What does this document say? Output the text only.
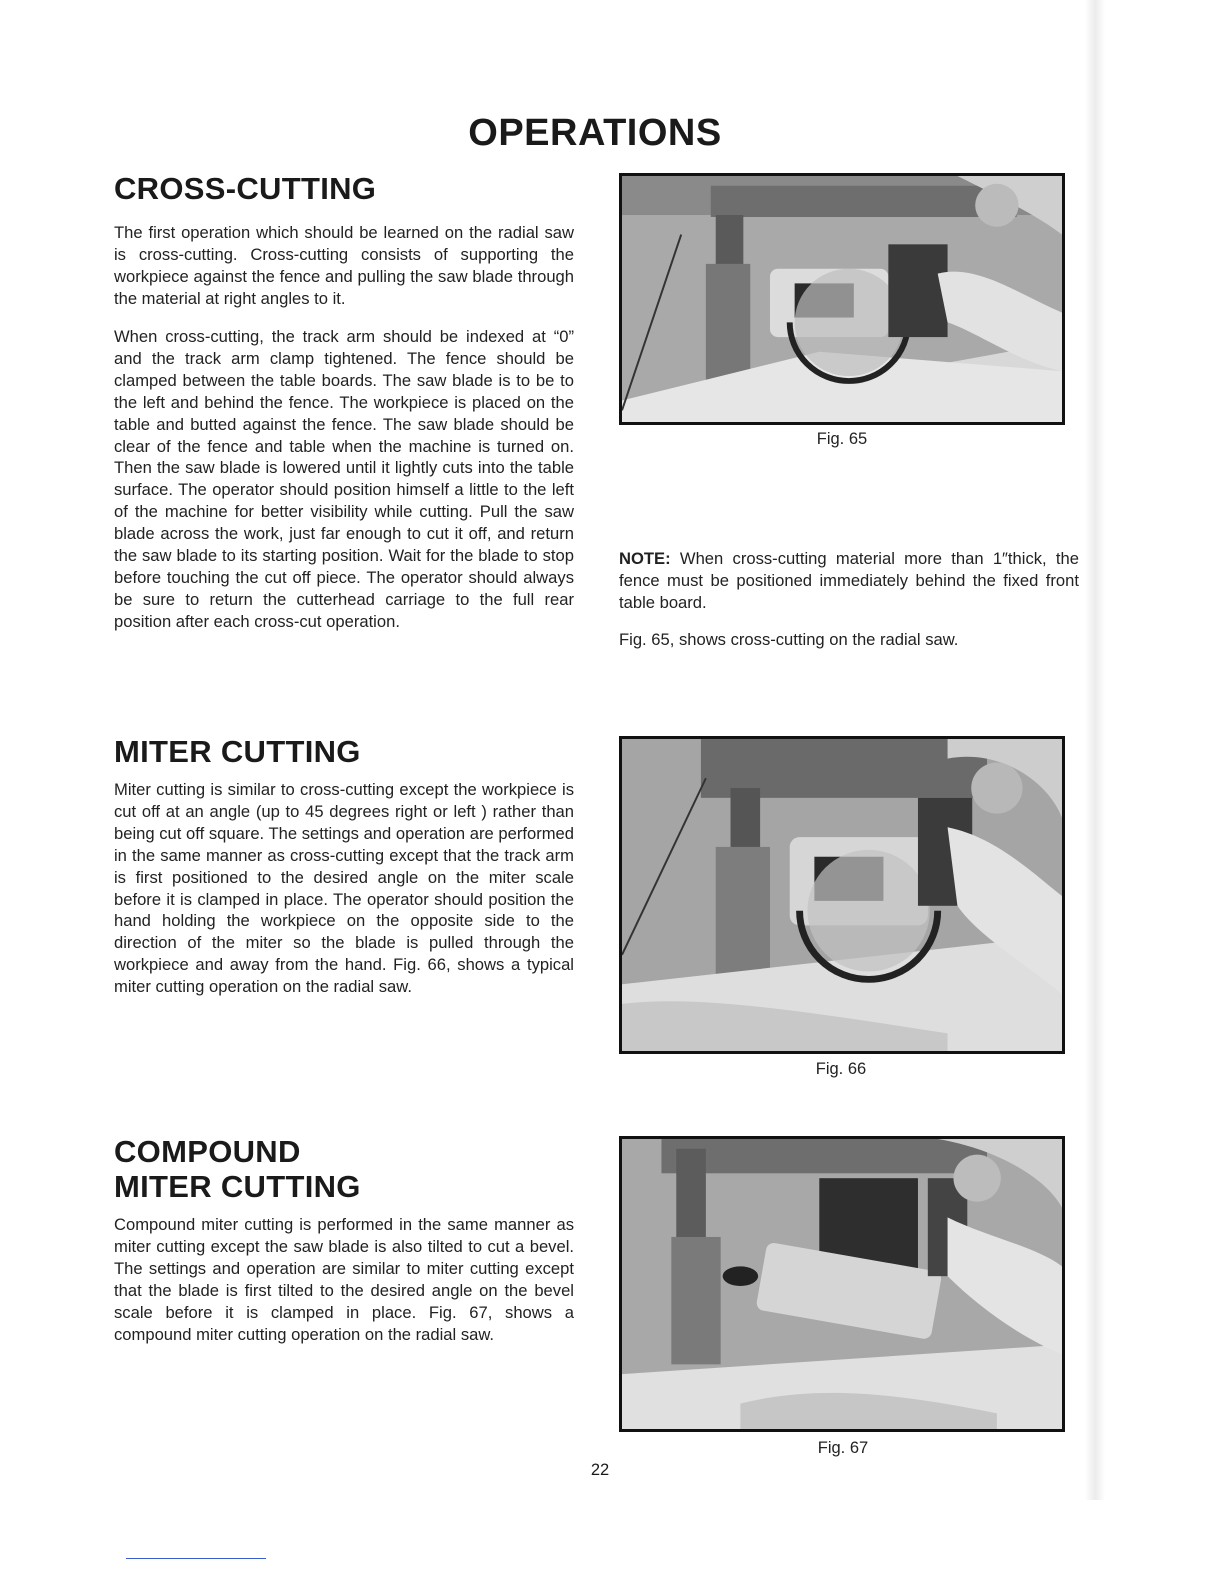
OPERATIONS
CROSS-CUTTING

The first operation which should be learned on the radial saw is cross-cutting. Cross-cutting consists of supporting the workpiece against the fence and pulling the saw blade through the material at right angles to it.

When cross-cutting, the track arm should be indexed at “0” and the track arm clamp tightened. The fence should be clamped between the table boards. The saw blade is to be to the left and behind the fence. The workpiece is placed on the table and butted against the fence. The saw blade should be clear of the fence and table when the machine is turned on. Then the saw blade is lowered until it lightly cuts into the table surface. The operator should position himself a little to the left of the machine for better visibility while cutting. Pull the saw blade across the work, just far enough to cut it off, and return the saw blade to its starting position. Wait for the blade to stop before touching the cut off piece. The operator should always be sure to return the cutterhead carriage to the full rear position after each cross-cut operation.

Fig. 65

NOTE: When cross-cutting material more than 1″thick, the fence must be positioned immediately behind the fixed front table board.

Fig. 65, shows cross-cutting on the radial saw.

MITER CUTTING

Miter cutting is similar to cross-cutting except the workpiece is cut off at an angle (up to 45 degrees right or left ) rather than being cut off square. The settings and operation are performed in the same manner as cross-cutting except that the track arm is first positioned to the desired angle on the miter scale before it is clamped in place. The operator should position the hand holding the workpiece on the opposite side to the direction of the miter so the blade is pulled through the workpiece and away from the hand. Fig. 66, shows a typical miter cutting operation on the radial saw.

Fig. 66

COMPOUND
MITER CUTTING

Compound miter cutting is performed in the same manner as miter cutting except the saw blade is also tilted to cut a bevel. The settings and operation are similar to miter cutting except that the blade is first tilted to the desired angle on the bevel scale before it is clamped in place. Fig. 67, shows a compound miter cutting operation on the radial saw.

Fig. 67

22
